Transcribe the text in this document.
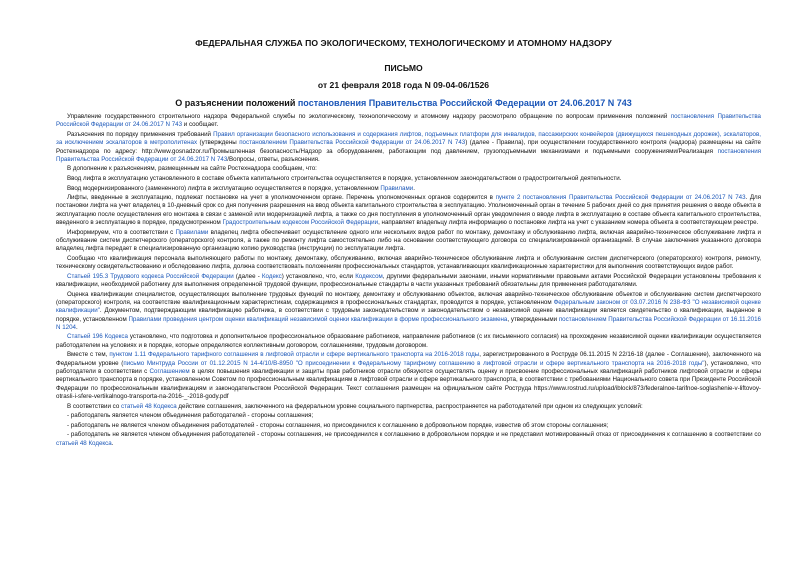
ФЕДЕРАЛЬНАЯ СЛУЖБА ПО ЭКОЛОГИЧЕСКОМУ, ТЕХНОЛОГИЧЕСКОМУ И АТОМНОМУ НАДЗОРУ
ПИСЬМО
от 21 февраля 2018 года N 09-04-06/1526
О разъяснении положений постановления Правительства Российской Федерации от 24.06.2017 N 743

Управление государственного строительного надзора Федеральной службы по экологическому, технологическому и атомному надзору рассмотрело обращение по вопросам применения положений постановления Правительства Российской Федерации от 24.06.2017 N 743 и сообщает.

Разъяснения по порядку применения требований Правил организации безопасного использования и содержания лифтов, подъемных платформ для инвалидов, пассажирских конвейеров (движущихся пешеходных дорожек), эскалаторов, за исключением эскалаторов в метрополитенах (утверждены постановлением Правительства Российской Федерации от 24.06.2017 N 743) (далее - Правила), при осуществлении государственного контроля (надзора) размещены на сайте Ростехнадзора по адресу: http://www.gosnadzor.ru/Промышленная безопасность/Надзор за оборудованием, работающим под давлением, грузоподъемными механизмами и подъемными сооружениями/Реализация постановления Правительства Российской Федерации от 24.06.2017 N 743/Вопросы, ответы, разъяснения.

В дополнение к разъяснениям, размещенным на сайте Ростехнадзора сообщаем, что:

Ввод лифта в эксплуатацию установленного в составе объекта капитального строительства осуществляется в порядке, установленном законодательством о градостроительной деятельности.

Ввод модернизированного (замененного) лифта в эксплуатацию осуществляется в порядке, установленном Правилами.

Лифты, введенные в эксплуатацию, подлежат постановке на учет в уполномоченном органе. Перечень уполномоченных органов содержится в пункте 2 постановления Правительства Российской Федерации от 24.06.2017 N 743. Для постановки лифта на учет владелец в 10-дневный срок со дня получения разрешения на ввод объекта капитального строительства в эксплуатацию. Уполномоченный орган в течение 5 рабочих дней со дня принятия решения о вводе объекта в эксплуатацию после осуществления его монтажа в связи с заменой или модернизацией лифта, а также со дня поступления в уполномоченный орган уведомления о вводе лифта в эксплуатацию в составе объекта капитального строительства, введенного в эксплуатацию в порядке, предусмотренном Градостроительным кодексом Российской Федерации, направляет владельцу лифта информацию о постановке лифта на учет с указанием номера объекта в соответствующем реестре.

Информируем, что в соответствии с Правилами владелец лифта обеспечивает осуществление одного или нескольких видов работ по монтажу, демонтажу и обслуживанию лифта, включая аварийно-техническое обслуживание лифта и обслуживание систем диспетчерского (операторского) контроля, а также по ремонту лифта самостоятельно либо на основании соответствующего договора со специализированной организацией. В случае заключения указанного договора владелец лифта передает в специализированную организацию копию руководства (инструкции) по эксплуатации лифта.

Сообщаю что квалификация персонала выполняющего работы по монтажу, демонтажу, обслуживанию, включая аварийно-техническое обслуживание лифта и обслуживание систем диспетчерского (операторского) контроля, ремонту, техническому освидетельствованию и обследованию лифта, должна соответствовать положениям профессиональных стандартов, устанавливающих квалификационные характеристики для выполнения соответствующих видов работ.

Статьей 195.3 Трудового кодекса Российской Федерации (далее - Кодекс) установлено, что, если Кодексом, другими федеральными законами, иными нормативными правовыми актами Российской Федерации установлены требования к квалификации, необходимой работнику для выполнения определенной трудовой функции, профессиональные стандарты в части указанных требований обязательны для применения работодателями.

Оценка квалификации специалистов, осуществляющих выполнение трудовых функций по монтажу, демонтажу и обслуживанию объектов, включая аварийно-техническое обслуживание объектов и обслуживание систем диспетчерского (операторского) контроля, на соответствие квалификационным характеристикам, содержащимся в профессиональных стандартах, проводится в порядке, установленном Федеральным законом от 03.07.2016 N 238-ФЗ "О независимой оценке квалификации". Документом, подтверждающим квалификацию работника, в соответствии с трудовым законодательством и законодательством о независимой оценке квалификации является свидетельство о квалификации, выданное в порядке, установленном Правилами проведения центром оценки квалификаций независимой оценки квалификации в форме профессионального экзамена, утвержденными постановлением Правительства Российской Федерации от 16.11.2016 N 1204.

Статьей 196 Кодекса установлено, что подготовка и дополнительное профессиональное образование работников, направление работников (с их письменного согласия) на прохождение независимой оценки квалификации осуществляется работодателем на условиях и в порядке, которые определяются коллективным договором, соглашениями, трудовым договором.

Вместе с тем, пунктом 1.11 Федерального тарифного соглашения в лифтовой отрасли и сфере вертикального транспорта на 2016-2018 годы, зарегистрированного в Роструде 06.11.2015 N 22/16-18 (далее - Соглашение), заключенного на Федеральном уровне (письмо Минтруда России от 01.12.2015 N 14-4/10/В-8950 "О присоединении к Федеральному тарифному соглашению в лифтовой отрасли и сфере вертикального транспорта на 2016-2018 годы"), установлено, что работодатели в соответствии с Соглашением в целях повышения квалификации и защиты прав работников отрасли обязуются осуществлять оценку и присвоение профессиональных квалификаций работников лифтовой отрасли и сферы вертикального транспорта в порядке, установленном Советом по профессиональным квалификациям в лифтовой отрасли и сфере вертикального транспорта, в соответствии с требованиями Национального совета при Президенте Российской Федерации по профессиональным квалификациям и законодательством Российской Федерации. Текст соглашения размещен на официальном сайте Роструда https://www.rostrud.ru/upload/iblock/873/federalnoe-tarifnoe-soglashenie-v-liftovoy-otrasli-i-sfere-vertikalnogo-transporta-na-2016-_-2018-gody.pdf

В соответствии со статьей 48 Кодекса действие соглашения, заключенного на федеральном уровне социального партнерства, распространяется на работодателей при одном из следующих условий:

- работодатель является членом объединения работодателей - стороны соглашения;

- работодатель не является членом объединения работодателей - стороны соглашения, но присоединился к соглашению в добровольном порядке, известив об этом стороны соглашения;

- работодатель не является членом объединения работодателей - стороны соглашения, не присоединился к соглашению в добровольном порядке и не представил мотивированный отказ от присоединения к соглашению в соответствии со статьей 48 Кодекса.
